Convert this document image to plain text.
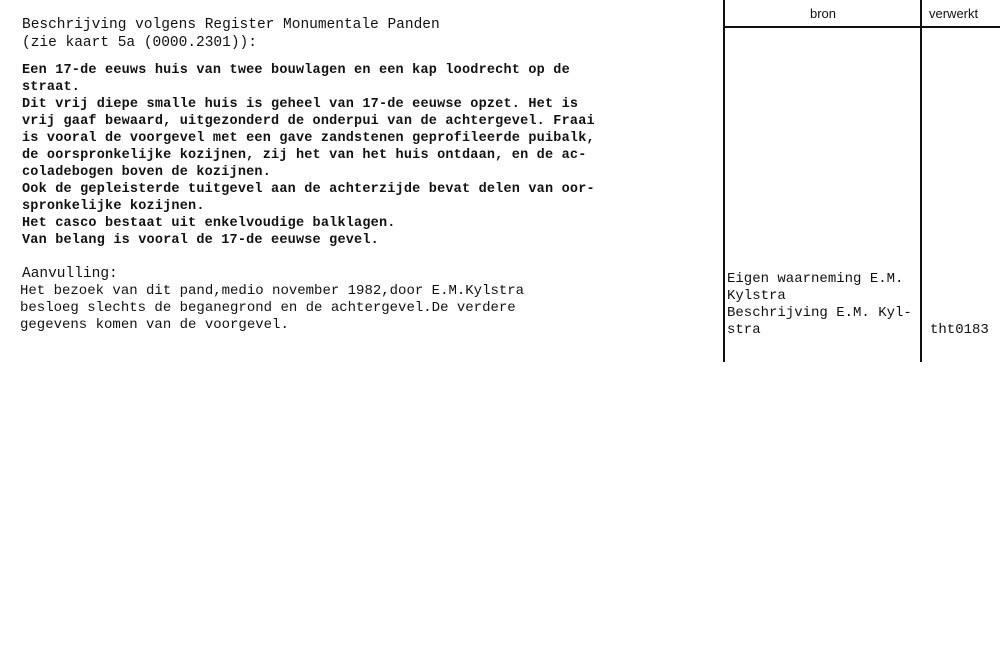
Beschrijving volgens Register Monumentale Panden
(zie kaart 5a (0000.2301)):
Een 17-de eeuws huis van twee bouwlagen en een kap loodrecht op de
straat.
Dit vrij diepe smalle huis is geheel van 17-de eeuwse opzet. Het is
vrij gaaf bewaard, uitgezonderd de onderpui van de achtergevel. Fraai
is vooral de voorgevel met een gave zandstenen geprofileerde puibalk,
de oorspronkelijke kozijnen, zij het van het huis ontdaan, en de ac-
coladebogen boven de kozijnen.
Ook de gepleisterde tuitgevel aan de achterzijde bevat delen van oor-
spronkelijke kozijnen.
Het casco bestaat uit enkelvoudige balklagen.
Van belang is vooral de 17-de eeuwse gevel.
Aanvulling:
Het bezoek van dit pand,medio november 1982,door E.M.Kylstra
besloeg slechts de beganegrond en de achtergevel.De verdere
gegevens komen van de voorgevel.
bron	verwerkt
Eigen waarneming E.M.
Kylstra
Beschrijving E.M. Kyl-
stra	tht0183
